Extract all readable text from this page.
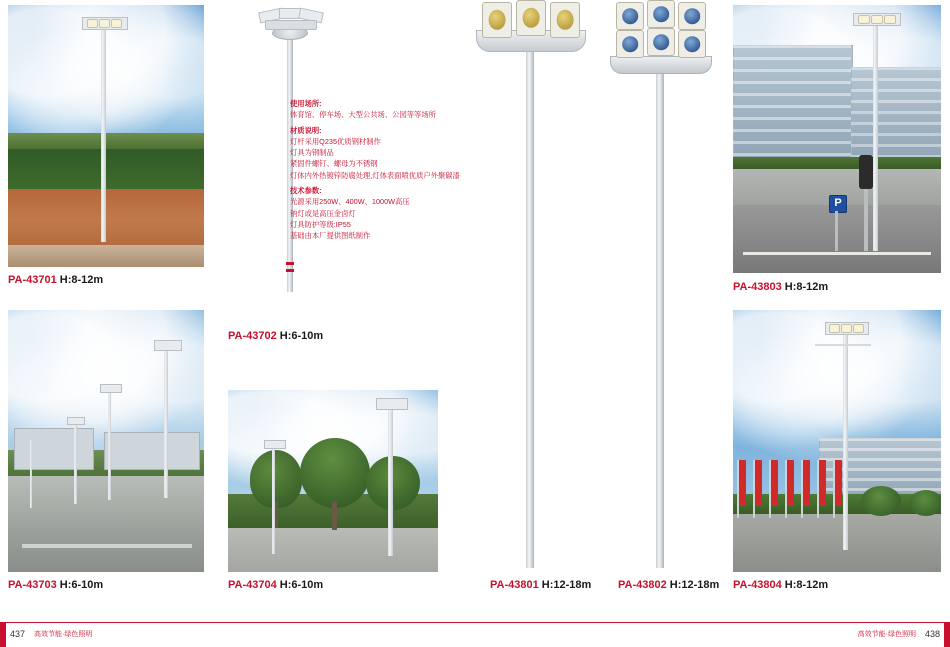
PA-43701 H:8-12m
PA-43703 H:6-10m
PA-43702 H:6-10m

使用场所:

体育馆、停车场、大型公共场、公园等等场所

材质说明:

灯杆采用Q235优质钢材制作

灯具为钢制品

紧固件螺钉、螺母为不锈钢

灯体内外热镀锌防腐处理,灯体表面喷优质户外聚碳漆

技术参数:

光源采用250W、400W、1000W高压

钠灯或是高压金卤灯

灯具防护等级:IP55

基础由本厂提供图纸制作

PA-43704 H:6-10m	PA-43801 H:12-18m PA-43802 H:12-18m
P
PA-43803 H:8-12m
PA-43804 H:8-12m
437 高效节能·绿色照明	438
高效节能·绿色照明
